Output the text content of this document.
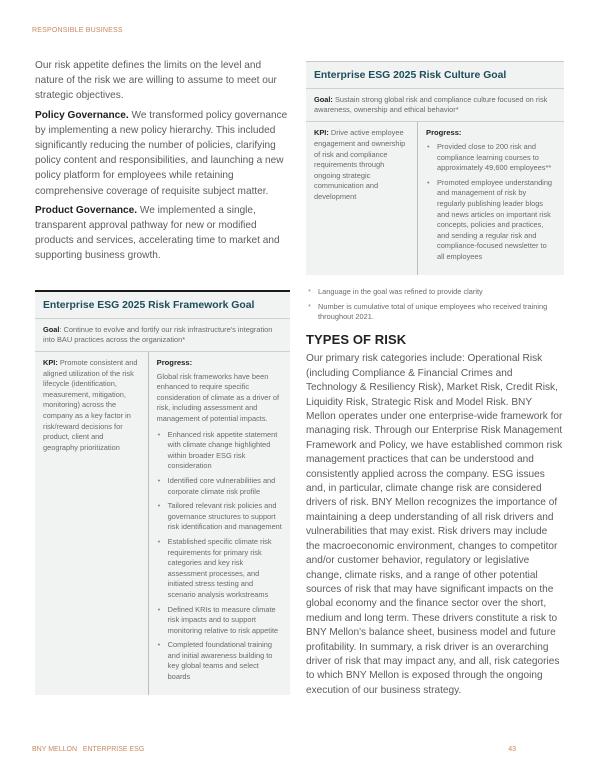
RESPONSIBLE BUSINESS

Our risk appetite defines the limits on the level and nature of the risk we are willing to assume to meet our strategic objectives.

Policy Governance. We transformed policy governance by implementing a new policy hierarchy. This included significantly reducing the number of policies, clarifying policy content and responsibilities, and launching a new policy platform for employees while retaining comprehensive coverage of requisite subject matter.

Product Governance. We implemented a single, transparent approval pathway for new or modified products and services, accelerating time to market and supporting business growth.

Enterprise ESG 2025 Risk Framework Goal
Goal: Continue to evolve and fortify our risk infrastructure's integration into BAU practices across the organization*
KPI: Promote consistent and aligned utilization of the risk lifecycle (identification, measurement, mitigation, monitoring) across the company as a key factor in risk/reward decisions for product, client and geography prioritization
Progress:
Global risk frameworks have been enhanced to require specific consideration of climate as a driver of risk, including assessment and management of potential impacts.
• Enhanced risk appetite statement with climate change highlighted within broader ESG risk consideration
• Identified core vulnerabilities and corporate climate risk profile
• Tailored relevant risk policies and governance structures to support risk identification and management
• Established specific climate risk requirements for primary risk categories and key risk assessment processes, and initiated stress testing and scenario analysis workstreams
• Defined KRIs to measure climate risk impacts and to support monitoring relative to risk appetite
• Completed foundational training and initial awareness building to key global teams and select boards
Enterprise ESG 2025 Risk Culture Goal
Goal: Sustain strong global risk and compliance culture focused on risk awareness, ownership and ethical behavior*
KPI: Drive active employee engagement and ownership of risk and compliance requirements through ongoing strategic communication and development
Progress:
• Provided close to 200 risk and compliance learning courses to approximately 49,600 employees**
• Promoted employee understanding and management of risk by regularly publishing leader blogs and news articles on important risk concepts, policies and practices, and sending a regular risk and compliance-focused newsletter to all employees
* Language in the goal was refined to provide clarity
* Number is cumulative total of unique employees who received training throughout 2021.
TYPES OF RISK

Our primary risk categories include: Operational Risk (including Compliance & Financial Crimes and Technology & Resiliency Risk), Market Risk, Credit Risk, Liquidity Risk, Strategic Risk and Model Risk. BNY Mellon operates under one enterprise-wide framework for managing risk. Through our Enterprise Risk Management Framework and Policy, we have established common risk management practices that can be understood and consistently applied across the company. ESG issues and, in particular, climate change risk are considered drivers of risk. BNY Mellon recognizes the importance of maintaining a deep understanding of all risk drivers and vulnerabilities that may exist. Risk drivers may include the macroeconomic environment, changes to competitor and/or customer behavior, regulatory or legislative change, climate risks, and a range of other potential sources of risk that may have significant impacts on the global economy and the finance sector over the short, medium and long term. These drivers constitute a risk to BNY Mellon's balance sheet, business model and future profitability. In summary, a risk driver is an overarching driver of risk that may impact any, and all, risk categories to which BNY Mellon is exposed through the ongoing execution of our business strategy.

BNY MELLON   ENTERPRISE ESG	43
